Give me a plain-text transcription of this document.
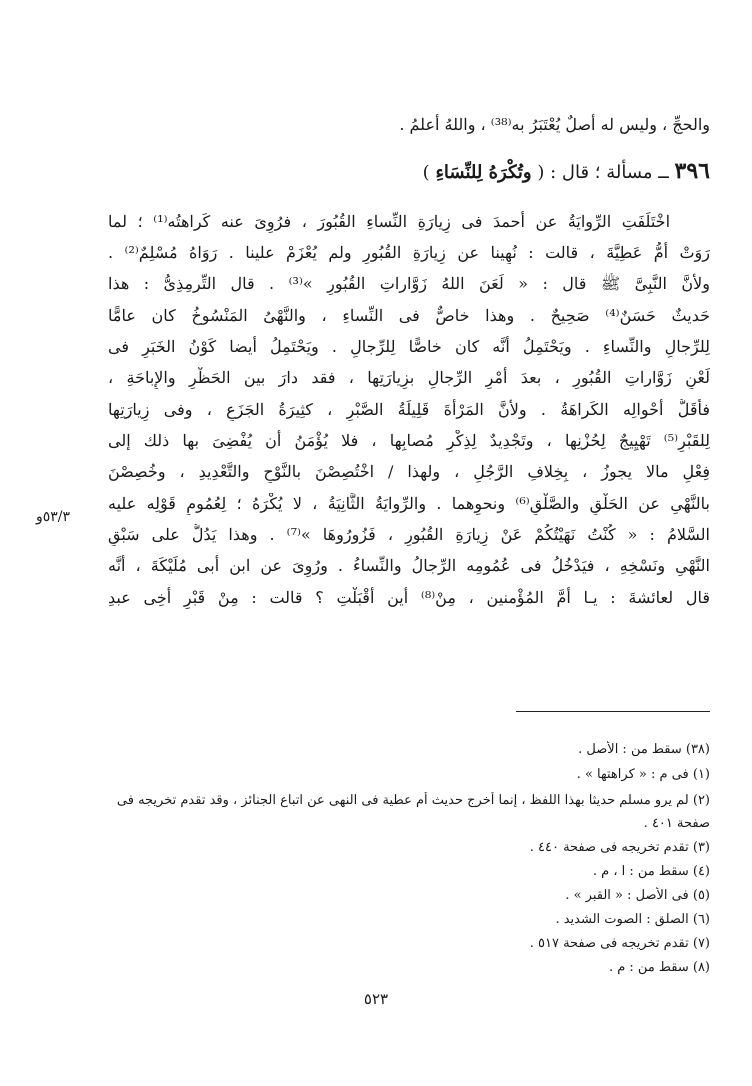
والحجِّ ، وليس له أصلٌ يُعْتَبَرُ به⁽³⁸⁾ ، واللهُ أعلمُ .
٣٩٦ ــ مسألة ؛ قال : ( وتُكْرَهُ لِلنِّسَاءِ )
اخْتَلَفَتِ الرِّوايَةُ عن أحمدَ فى زِيارَةِ النِّساءِ القُبُورَ ، فرُوِىَ عنه كَراهتُه⁽¹⁾ ؛ لما
رَوَتْ أُمُّ عَطِيَّةَ ، قالت : نُهِينا عن زِيارَةِ القُبُورِ ولم يُعْزَمْ علينا . رَوَاهُ مُسْلِمٌ⁽²⁾ .
ولأنَّ النَّبِىَّ ﷺ قال : « لَعَنَ اللهُ زَوَّاراتِ القُبُورِ »⁽³⁾ . قال التِّرمِذِىُّ : هذا
حَديثٌ حَسَنٌ⁽⁴⁾ صَحِيحٌ . وهذا خاصٌّ فى النِّساءِ ، والنَّهْىُ المَنْسُوخُ كان عامًّا
لِلرِّجالِ والنِّساءِ . ويَحْتَمِلُ أنَّه كان خاصًّا لِلرِّجالِ . ويَحْتَمِلُ أيضا كَوْنُ الخَبَرِ فى
لَعْنِ زَوَّاراتِ القُبُورِ ، بعدَ أمْرِ الرِّجالِ بزِيارَتِها ، فقد دارَ بين الحَظْرِ والإِباحَةِ ،
فأقَلُّ أحْوالِه الكَراهَةُ . ولأنَّ المَرْأَةَ قَلِيلَةُ الصَّبْرِ ، كثِيرَةُ الجَزَعِ ، وفى زِيارَتِها
لِلقَبْرِ⁽⁵⁾ تَهْيِيجٌ لِحُزْنِها ، وتَجْدِيدٌ لِذِكْرِ مُصابِها ، فلا يُؤْمَنُ أن يُفْضِىَ بها ذلك إلى
فِعْلِ مالا يجوزُ ، بِخِلافِ الرَّجُلِ ، ولهذا / اخْتُصِصْنَ بالنَّوْحِ والتَّعْدِيدِ ، وخُصِصْنَ
بالنَّهْىِ عن الحَلْقِ والصَّلْقِ⁽⁶⁾ ونحوِهما . والرِّوايَةُ الثَّانِيَةُ ، لا يُكْرَهُ ؛ لِعُمُومِ قَوْلِه عليه
السَّلامُ : « كُنْتُ نَهَيْتُكُمْ عَنْ زِيارَةِ القُبُورِ ، فَزُورُوهَا »⁽⁷⁾ . وهذا يَدُلُّ على سَبْقِ
النَّهْىِ ونَسْخِهِ ، فيَدْخُلُ فى عُمُومِه الرِّجالُ والنِّساءُ . ورُوِىَ عن ابن أبى مُلَيْكَةَ ، أنَّه
قال لعائشةَ : يـا أُمَّ المُؤْمنين ، مِنْ⁽⁸⁾ أين أقْبَلْتِ ؟ قالت : مِنْ قَبْرِ أخِى عبدِ
٥٣/٣و
(٣٨) سقط من : الأصل .
(١) فى م : « كراهتها » .
(٢) لم يرو مسلم حديثا بهذا اللفظ ، إنما أخرج حديث أم عطية فى النهى عن اتباع الجنائز ، وقد تقدم تخريجه فى
صفحة ٤٠١ .
(٣) تقدم تخريجه فى صفحة ٤٤٠ .
(٤) سقط من : ا ، م .
(٥) فى الأصل : « القبر » .
(٦) الصلق : الصوت الشديد .
(٧) تقدم تخريجه فى صفحة ٥١٧ .
(٨) سقط من : م .
٥٢٣
